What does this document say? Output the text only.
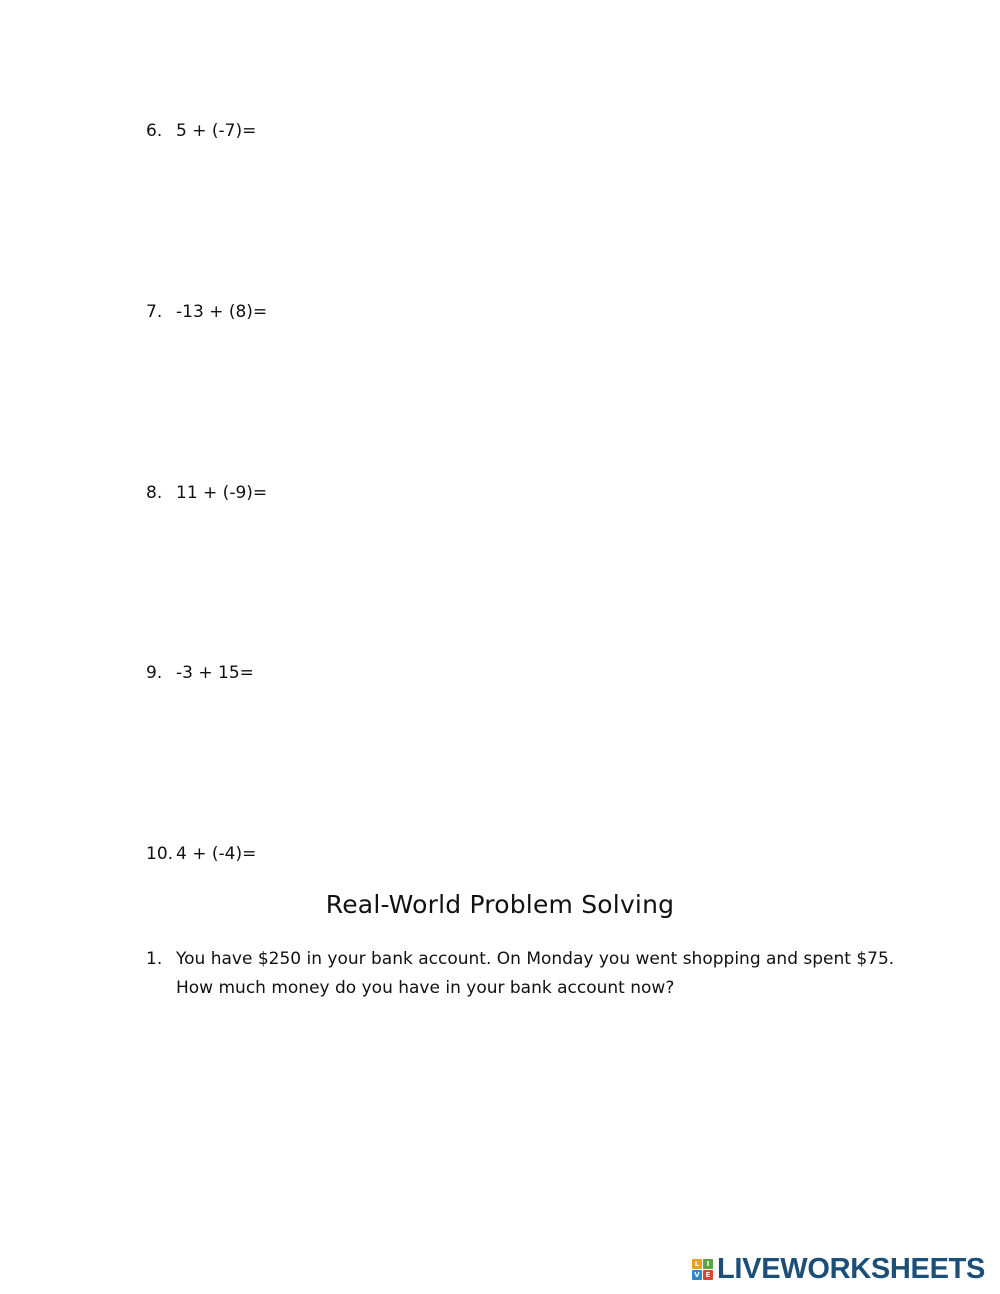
6. 5 + (-7)=
7. -13 + (8)=
8. 11 + (-9)=
9. -3 + 15=
10. 4 + (-4)=
Real-World Problem Solving
1. You have $250 in your bank account. On Monday you went shopping and spent $75.
How much money do you have in your bank account now?
L	I
V E LIVEWORKSHEETS
